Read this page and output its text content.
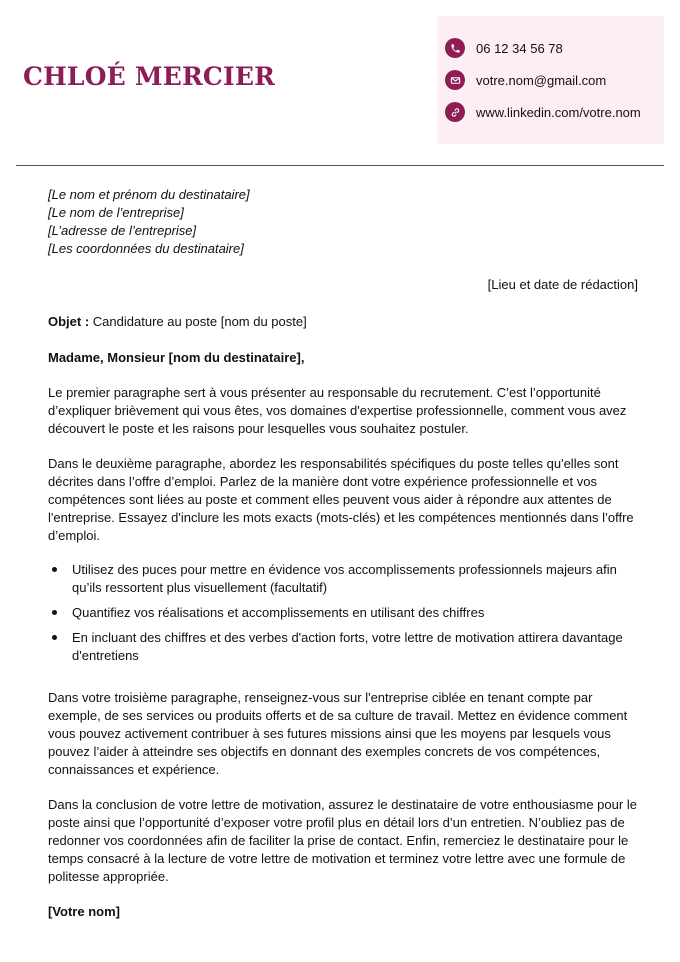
CHLOÉ MERCIER
06 12 34 56 78
votre.nom@gmail.com
www.linkedin.com/votre.nom
[Le nom et prénom du destinataire]
[Le nom de l’entreprise]
[L’adresse de l’entreprise]
[Les coordonnées du destinataire]
[Lieu et date de rédaction]
Objet : Candidature au poste [nom du poste]
Madame, Monsieur [nom du destinataire],
Le premier paragraphe sert à vous présenter au responsable du recrutement. C’est l’opportunité d’expliquer brièvement qui vous êtes, vos domaines d'expertise professionnelle, comment vous avez découvert le poste et les raisons pour lesquelles vous souhaitez postuler.
Dans le deuxième paragraphe, abordez les responsabilités spécifiques du poste telles qu'elles sont décrites dans l’offre d’emploi. Parlez de la manière dont votre expérience professionnelle et vos compétences sont liées au poste et comment elles peuvent vous aider à répondre aux attentes de l'entreprise. Essayez d'inclure les mots exacts (mots-clés) et les compétences mentionnés dans l’offre d’emploi.
Utilisez des puces pour mettre en évidence vos accomplissements professionnels majeurs afin qu’ils ressortent plus visuellement (facultatif)
Quantifiez vos réalisations et accomplissements en utilisant des chiffres
En incluant des chiffres et des verbes d'action forts, votre lettre de motivation attirera davantage d'entretiens
Dans votre troisième paragraphe, renseignez-vous sur l'entreprise ciblée en tenant compte par exemple, de ses services ou produits offerts et de sa culture de travail. Mettez en évidence comment vous pouvez activement contribuer à ses futures missions ainsi que les moyens par lesquels vous pouvez l’aider à atteindre ses objectifs en donnant des exemples concrets de vos compétences, connaissances et expérience.
Dans la conclusion de votre lettre de motivation, assurez le destinataire de votre enthousiasme pour le poste ainsi que l’opportunité d’exposer votre profil plus en détail lors d’un entretien. N’oubliez pas de redonner vos coordonnées afin de faciliter la prise de contact. Enfin, remerciez le destinataire pour le temps consacré à la lecture de votre lettre de motivation et terminez votre lettre avec une formule de politesse appropriée.
[Votre nom]
